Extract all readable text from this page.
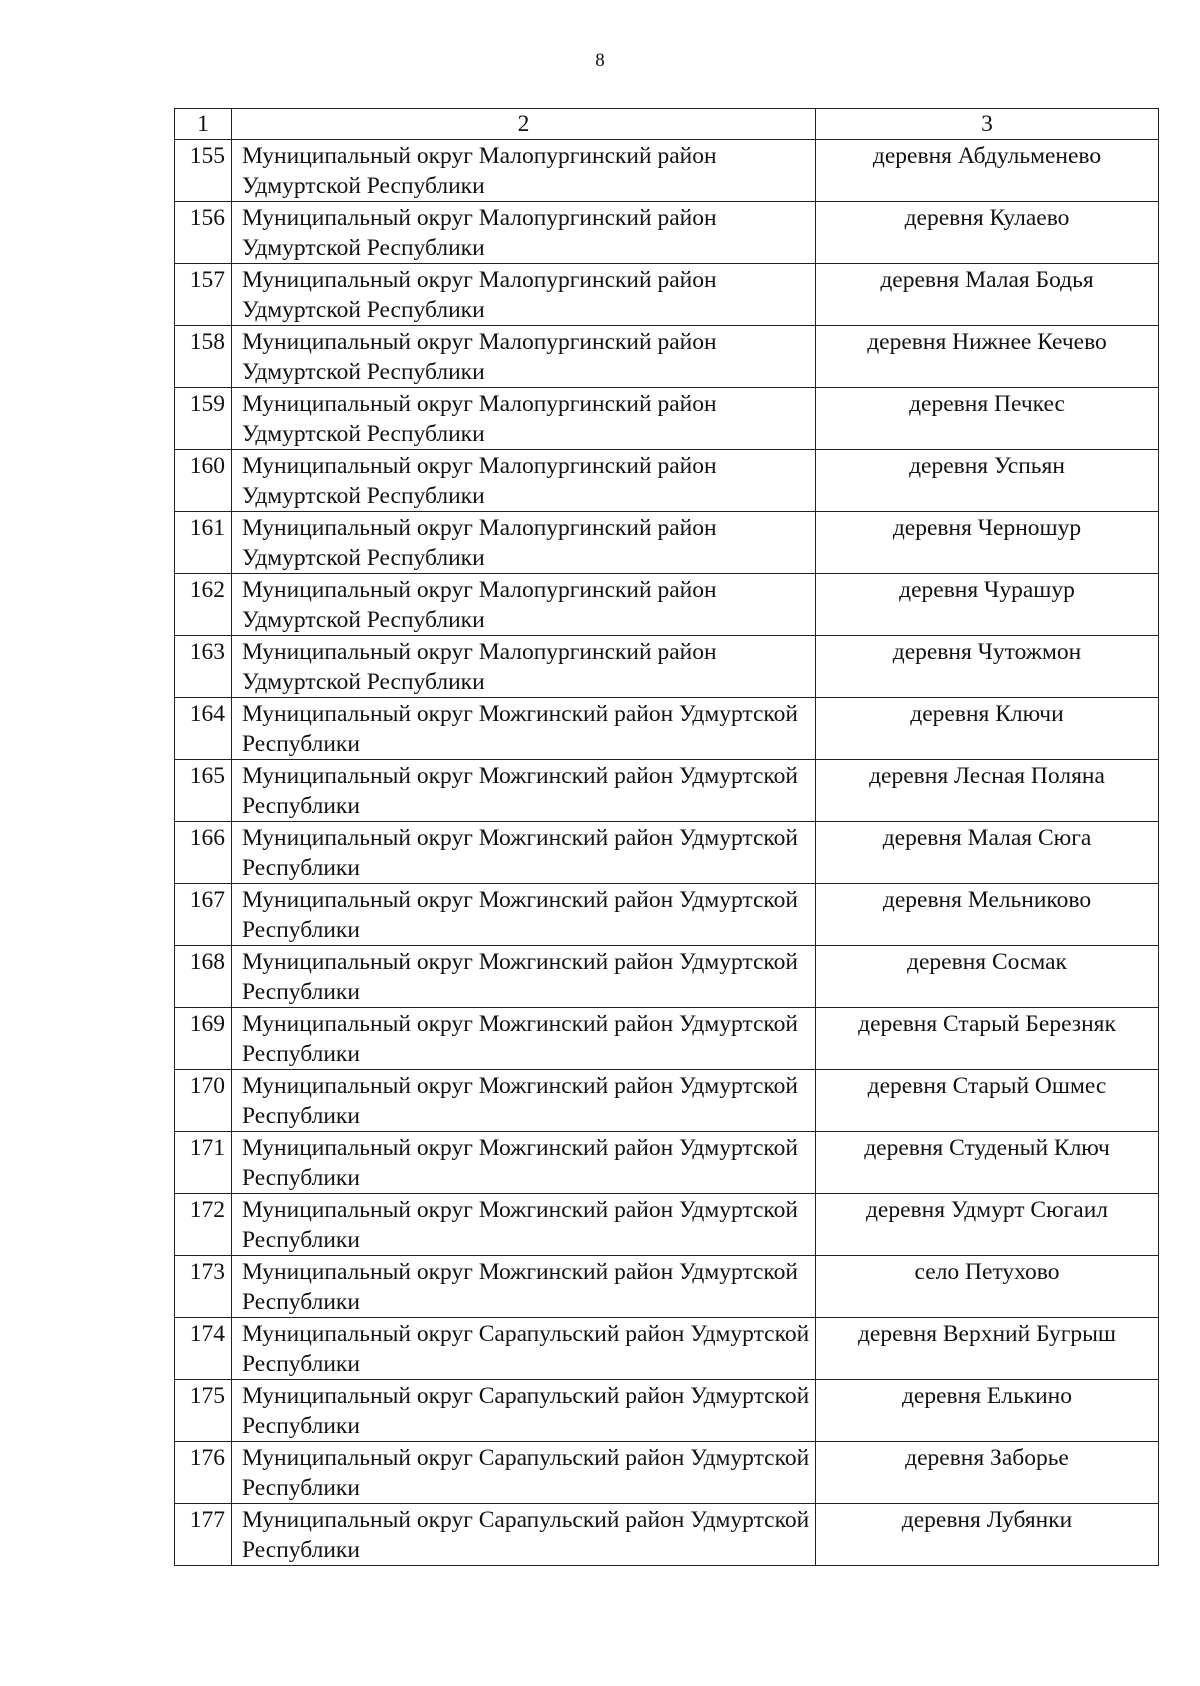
8
1	2	3
155	Муниципальный округ Малопургинский район Удмуртской Республики	деревня Абдульменево
156	Муниципальный округ Малопургинский район Удмуртской Республики	деревня Кулаево
157	Муниципальный округ Малопургинский район Удмуртской Республики	деревня Малая Бодья
158	Муниципальный округ Малопургинский район Удмуртской Республики	деревня Нижнее Кечево
159	Муниципальный округ Малопургинский район Удмуртской Республики	деревня Печкес
160	Муниципальный округ Малопургинский район Удмуртской Республики	деревня Успьян
161	Муниципальный округ Малопургинский район Удмуртской Республики	деревня Черношур
162	Муниципальный округ Малопургинский район Удмуртской Республики	деревня Чурашур
163	Муниципальный округ Малопургинский район Удмуртской Республики	деревня Чутожмон
164	Муниципальный округ Можгинский район Удмуртской Республики	деревня Ключи
165	Муниципальный округ Можгинский район Удмуртской Республики	деревня Лесная Поляна
166	Муниципальный округ Можгинский район Удмуртской Республики	деревня Малая Сюга
167	Муниципальный округ Можгинский район Удмуртской Республики	деревня Мельниково
168	Муниципальный округ Можгинский район Удмуртской Республики	деревня Сосмак
169	Муниципальный округ Можгинский район Удмуртской Республики	деревня Старый Березняк
170	Муниципальный округ Можгинский район Удмуртской Республики	деревня Старый Ошмес
171	Муниципальный округ Можгинский район Удмуртской Республики	деревня Студеный Ключ
172	Муниципальный округ Можгинский район Удмуртской Республики	деревня Удмурт Сюгаил
173	Муниципальный округ Можгинский район Удмуртской Республики	село Петухово
174	Муниципальный округ Сарапульский район Удмуртской Республики	деревня Верхний Бугрыш
175	Муниципальный округ Сарапульский район Удмуртской Республики	деревня Елькино
176	Муниципальный округ Сарапульский район Удмуртской Республики	деревня Заборье
177	Муниципальный округ Сарапульский район Удмуртской Республики	деревня Лубянки
